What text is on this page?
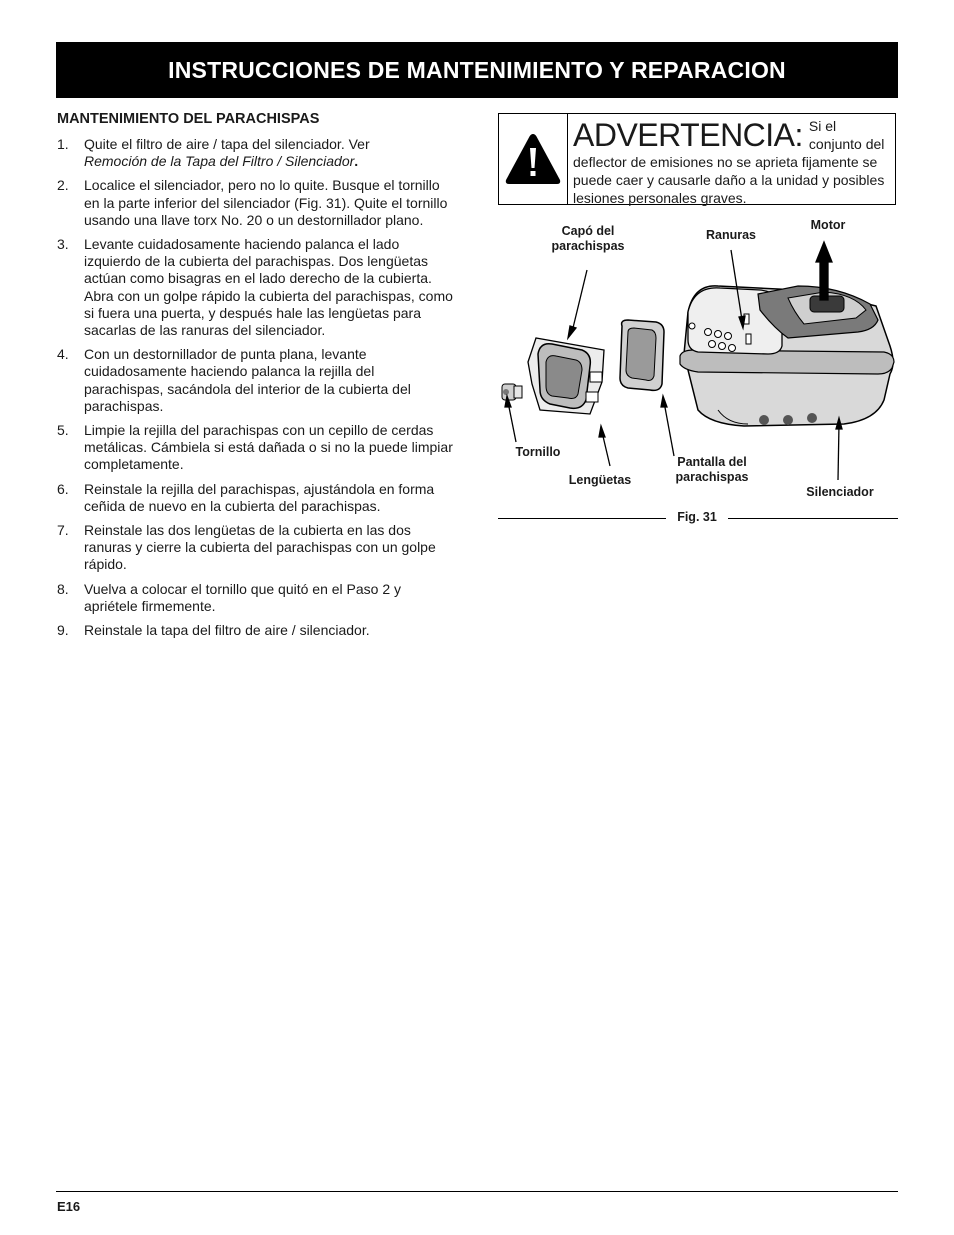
INSTRUCCIONES DE MANTENIMIENTO Y REPARACION
MANTENIMIENTO DEL PARACHISPAS
1. Quite el filtro de aire / tapa del silenciador. Ver
Remoción de la Tapa del Filtro / Silenciador.
2. Localice el silenciador, pero no lo quite. Busque el tornillo en la parte inferior del silenciador (Fig. 31). Quite el tornillo usando una llave torx No. 20 o un destornillador plano.
3. Levante cuidadosamente haciendo palanca el lado izquierdo de la cubierta del parachispas. Dos lengüetas actúan como bisagras en el lado derecho de la cubierta. Abra con un golpe rápido la cubierta del parachispas, como si fuera una puerta, y después hale las lengüetas para sacarlas de las ranuras del silenciador.
4. Con un destornillador de punta plana, levante cuidadosamente haciendo palanca la rejilla del parachispas, sacándola del interior de la cubierta del parachispas.
5. Limpie la rejilla del parachispas con un cepillo de cerdas metálicas. Cámbiela si está dañada o si no la puede limpiar completamente.
6. Reinstale la rejilla del parachispas, ajustándola en forma ceñida de nuevo en la cubierta del parachispas.
7. Reinstale las dos lengüetas de la cubierta en las dos ranuras y cierre la cubierta del parachispas con un golpe rápido.
8. Vuelva a colocar el tornillo que quitó en el Paso 2 y apriétele firmemente.
9. Reinstale la tapa del filtro de aire / silenciador.
ADVERTENCIA: Si el conjunto del deflector de emisiones no se aprieta fijamente se puede caer y causarle daño a la unidad y posibles lesiones personales graves.
Capó del parachispas
Ranuras
Motor
Tornillo
Lengüetas
Pantalla del parachispas
Silenciador
Fig. 31
E16
